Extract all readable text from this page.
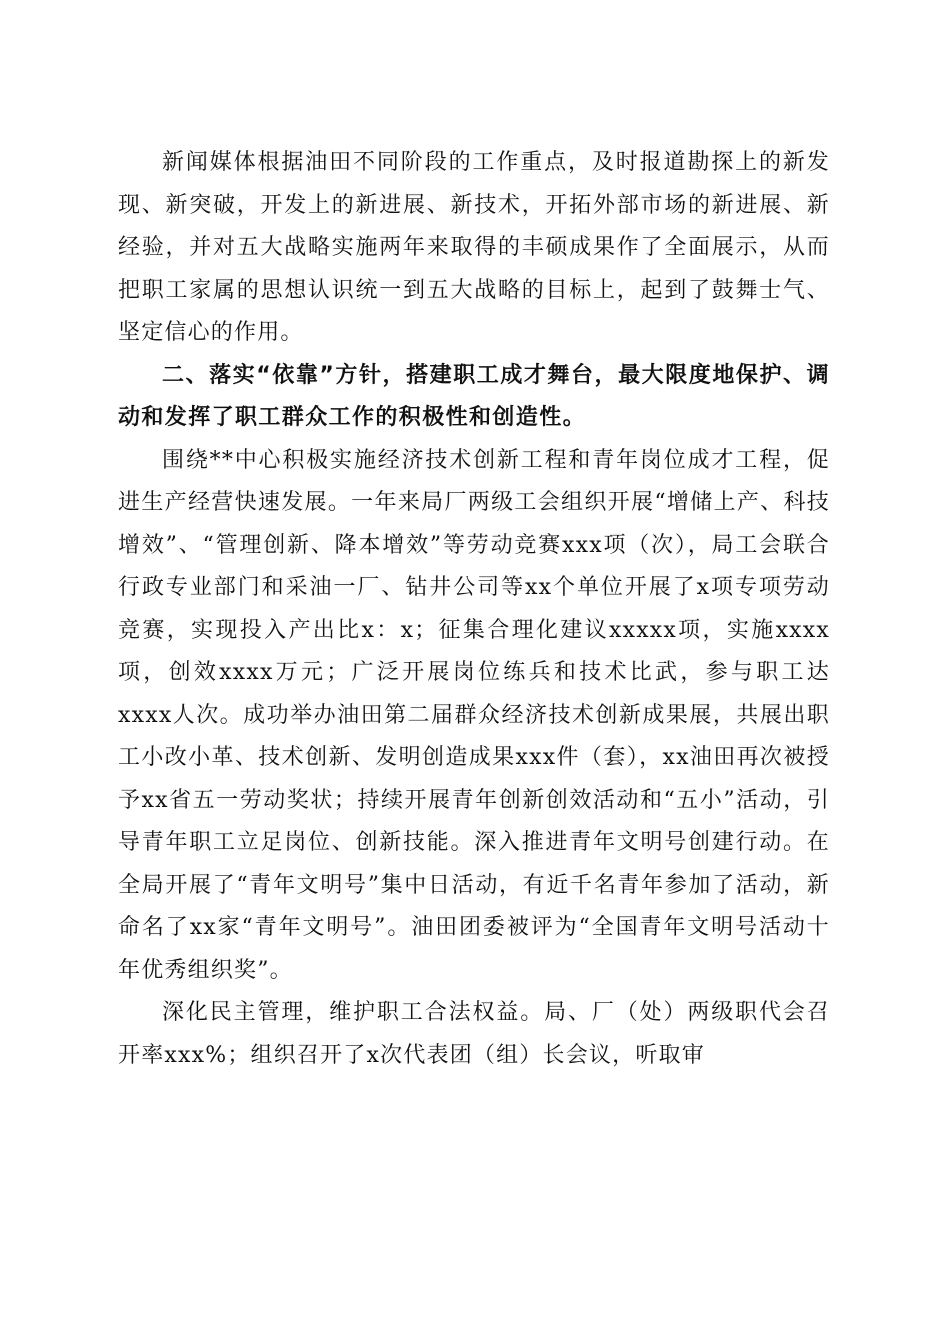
新闻媒体根据油田不同阶段的工作重点，及时报道勘探上的新发现、新突破，开发上的新进展、新技术，开拓外部市场的新进展、新经验，并对五大战略实施两年来取得的丰硕成果作了全面展示，从而把职工家属的思想认识统一到五大战略的目标上，起到了鼓舞士气、坚定信心的作用。

二、落实“依靠”方针，搭建职工成才舞台，最大限度地保护、调动和发挥了职工群众工作的积极性和创造性。

围绕**中心积极实施经济技术创新工程和青年岗位成才工程，促进生产经营快速发展。一年来局厂两级工会组织开展“增储上产、科技增效”、“管理创新、降本增效”等劳动竞赛xxx项（次），局工会联合行政专业部门和采油一厂、钻井公司等xx个单位开展了x项专项劳动竞赛，实现投入产出比x：x；征集合理化建议xxxxx项，实施xxxx项，创效xxxx万元；广泛开展岗位练兵和技术比武，参与职工达xxxx人次。成功举办油田第二届群众经济技术创新成果展，共展出职工小改小革、技术创新、发明创造成果xxx件（套），xx油田再次被授予xx省五一劳动奖状；持续开展青年创新创效活动和“五小”活动，引导青年职工立足岗位、创新技能。深入推进青年文明号创建行动。在全局开展了“青年文明号”集中日活动，有近千名青年参加了活动，新命名了xx家“青年文明号”。油田团委被评为“全国青年文明号活动十年优秀组织奖”。

深化民主管理，维护职工合法权益。局、厂（处）两级职代会召开率xxx%；组织召开了x次代表团（组）长会议，听取审
